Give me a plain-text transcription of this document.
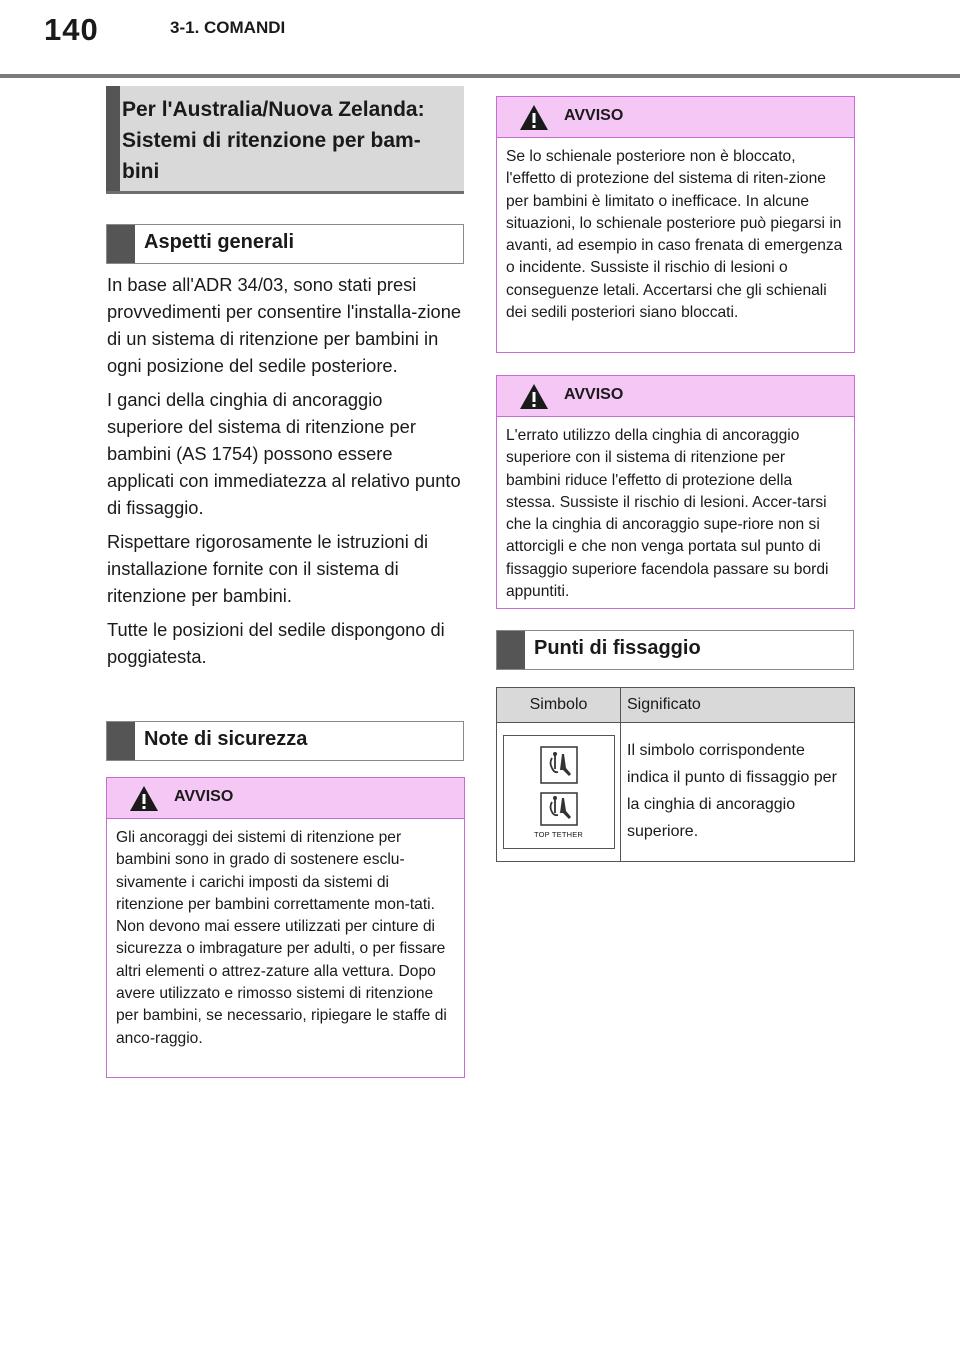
140	3-1. COMANDI
Per l'Australia/Nuova Zelanda: Sistemi di ritenzione per bam-bini
Aspetti generali

In base all'ADR 34/03, sono stati presi provvedimenti per consentire l'installa-zione di un sistema di ritenzione per bambini in ogni posizione del sedile posteriore.

I ganci della cinghia di ancoraggio superiore del sistema di ritenzione per bambini (AS 1754) possono essere applicati con immediatezza al relativo punto di fissaggio.

Rispettare rigorosamente le istruzioni di installazione fornite con il sistema di ritenzione per bambini.

Tutte le posizioni del sedile dispongono di poggiatesta.

Note di sicurezza
AVVISO
Gli ancoraggi dei sistemi di ritenzione per bambini sono in grado di sostenere esclu-sivamente i carichi imposti da sistemi di ritenzione per bambini correttamente mon-tati. Non devono mai essere utilizzati per cinture di sicurezza o imbragature per adulti, o per fissare altri elementi o attrez-zature alla vettura. Dopo avere utilizzato e rimosso sistemi di ritenzione per bambini, se necessario, ripiegare le staffe di anco-raggio.
AVVISO
Se lo schienale posteriore non è bloccato, l'effetto di protezione del sistema di riten-zione per bambini è limitato o inefficace. In alcune situazioni, lo schienale posteriore può piegarsi in avanti, ad esempio in caso frenata di emergenza o incidente. Sussiste il rischio di lesioni o conseguenze letali. Accertarsi che gli schienali dei sedili posteriori siano bloccati.
AVVISO
L'errato utilizzo della cinghia di ancoraggio superiore con il sistema di ritenzione per bambini riduce l'effetto di protezione della stessa. Sussiste il rischio di lesioni. Accer-tarsi che la cinghia di ancoraggio supe-riore non si attorcigli e che non venga portata sul punto di fissaggio superiore facendola passare su bordi appuntiti.
Punti di fissaggio
Simbolo	Significato

TOP TETHER	Il simbolo corrispondente indica il punto di fissaggio per la cinghia di ancoraggio superiore.
